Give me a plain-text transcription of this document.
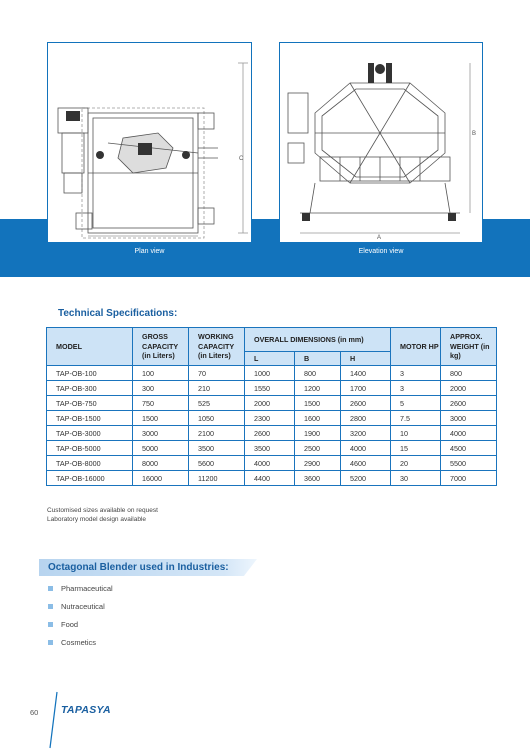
C
A
B
Plan view	Elevation view
Technical Specifications:
MODEL	GROSS CAPACITY (in Liters)	WORKING CAPACITY (in Liters)	OVERALL DIMENSIONS (in mm)			MOTOR HP	APPROX. WEIGHT (in kg)
			L	B	H		
TAP-OB-100	100	70	1000	800	1400	3	800
TAP-OB-300	300	210	1550	1200	1700	3	2000
TAP-OB-750	750	525	2000	1500	2600	5	2600
TAP-OB-1500	1500	1050	2300	1600	2800	7.5	3000
TAP-OB-3000	3000	2100	2600	1900	3200	10	4000
TAP-OB-5000	5000	3500	3500	2500	4000	15	4500
TAP-OB-8000	8000	5600	4000	2900	4600	20	5500
TAP-OB-16000	16000	11200	4400	3600	5200	30	7000
Customised sizes available on request
Laboratory model design available
Octagonal Blender used in Industries:
Pharmaceutical
Nutraceutical
Food
Cosmetics
60 TAPASYA
